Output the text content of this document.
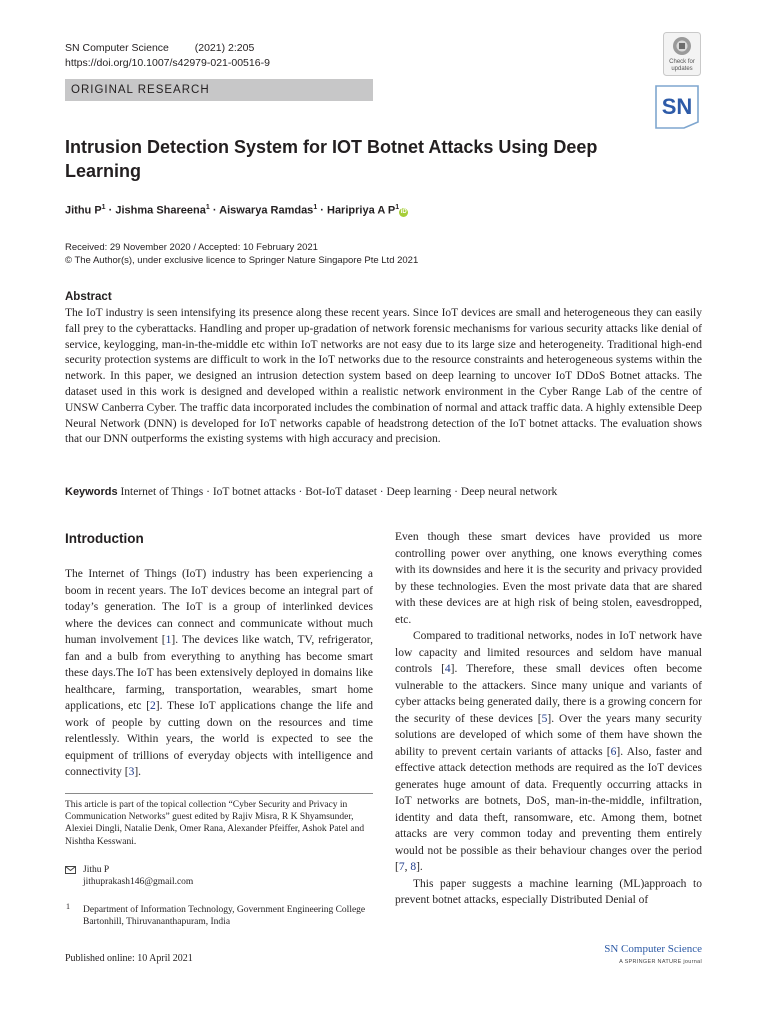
SN Computer Science (2021) 2:205
https://doi.org/10.1007/s42979-021-00516-9
ORIGINAL RESEARCH
Check for
updates
SN
Intrusion Detection System for IOT Botnet Attacks Using Deep
Learning
Jithu $P^1$ · Jishma Shareena$^1$ · Aiswarya Ramdas$^1$ · Haripriya A $P^1iD$
Received: 29 November 2020 / Accepted: 10 February 2021
© The Author(s), under exclusive licence to Springer Nature Singapore Pte Ltd 2021
Abstract
The IoT industry is seen intensifying its presence along these recent years. Since IoT devices are small and heterogeneous they can easily fall prey to the cyberattacks. Handling and proper up-gradation of network forensic mechanisms for various security attacks like denial of service, keylogging, man-in-the-middle etc within IoT networks are not easy due to its large size and heterogeneity. Traditional high-end security protection systems are difficult to work in the IoT networks due to the resource constraints and heterogeneous systems within the network. In this paper, we designed an intrusion detection system based on deep learning to uncover IoT DDoS Botnet attacks. The dataset used in this work is designed and developed within a realistic network environment in the Cyber Range Lab of the centre of UNSW Canberra Cyber. The traffic data incorporated includes the combination of normal and attack traffic data. A highly extensible Deep Neural Network (DNN) is developed for IoT networks capable of headstrong detection of the IoT botnet attacks. The evaluation shows that our DNN outperforms the existing systems with high accuracy and precision.
Keywords Internet of Things · IoT botnet attacks · Bot-IoT dataset · Deep learning · Deep neural network
Introduction

The Internet of Things (IoT) industry has been experiencing a boom in recent years. The IoT devices become an integral part of today’s generation. The IoT is a group of interlinked devices where the devices can connect and communicate without much human involvement [1]. The devices like watch, TV, refrigerator, fan and a bulb from everything to anything has become smart these days.The IoT has been extensively deployed in domains like healthcare, farming, transportation, wearables, smart home applications, etc [2]. These IoT applications change the life and work of people by cutting down on the resources and time relentlessly. Within years, the world is expected to see the equipment of trillions of everyday objects with intelligence and connectivity [3].

This article is part of the topical collection “Cyber Security and Privacy in Communication Networks” guest edited by Rajiv Misra, R K Shyamsunder, Alexiei Dingli, Natalie Denk, Omer Rana, Alexander Pfeiffer, Ashok Patel and Nishtha Kesswani.
Jithu P
jithuprakash146@gmail.com
1 Department of Information Technology, Government Engineering College Bartonhill, Thiruvananthapuram, India

Even though these smart devices have provided us more controlling power over anything, one knows everything comes with its downsides and here it is the security and privacy provided by these technologies. Even the most private data that are shared with these devices are at high risk of being stolen, eavesdropped, etc.

Compared to traditional networks, nodes in IoT network have low capacity and limited resources and seldom have manual controls [4]. Therefore, these small devices often become vulnerable to the attackers. Since many unique and variants of cyber attacks being generated daily, there is a growing concern for the security of these devices [5]. Over the years many security solutions are developed of which some of them have shown the ability to prevent certain variants of attacks [6]. Also, faster and effective attack detection methods are required as the IoT devices generates huge amount of data. Frequently occurring attacks in IoT networks are botnets, DoS, man-in-the-middle, infiltration, identity and data theft, ransomware, etc. Among them, botnet attacks are very common today and preventing them entirely would not be possible as their behaviour changes over the period [7, 8].

This paper suggests a machine learning (ML)approach to prevent botnet attacks, especially Distributed Denial of

Published online: 10 April 2021
SN Computer Science
A SPRINGER NATURE journal
